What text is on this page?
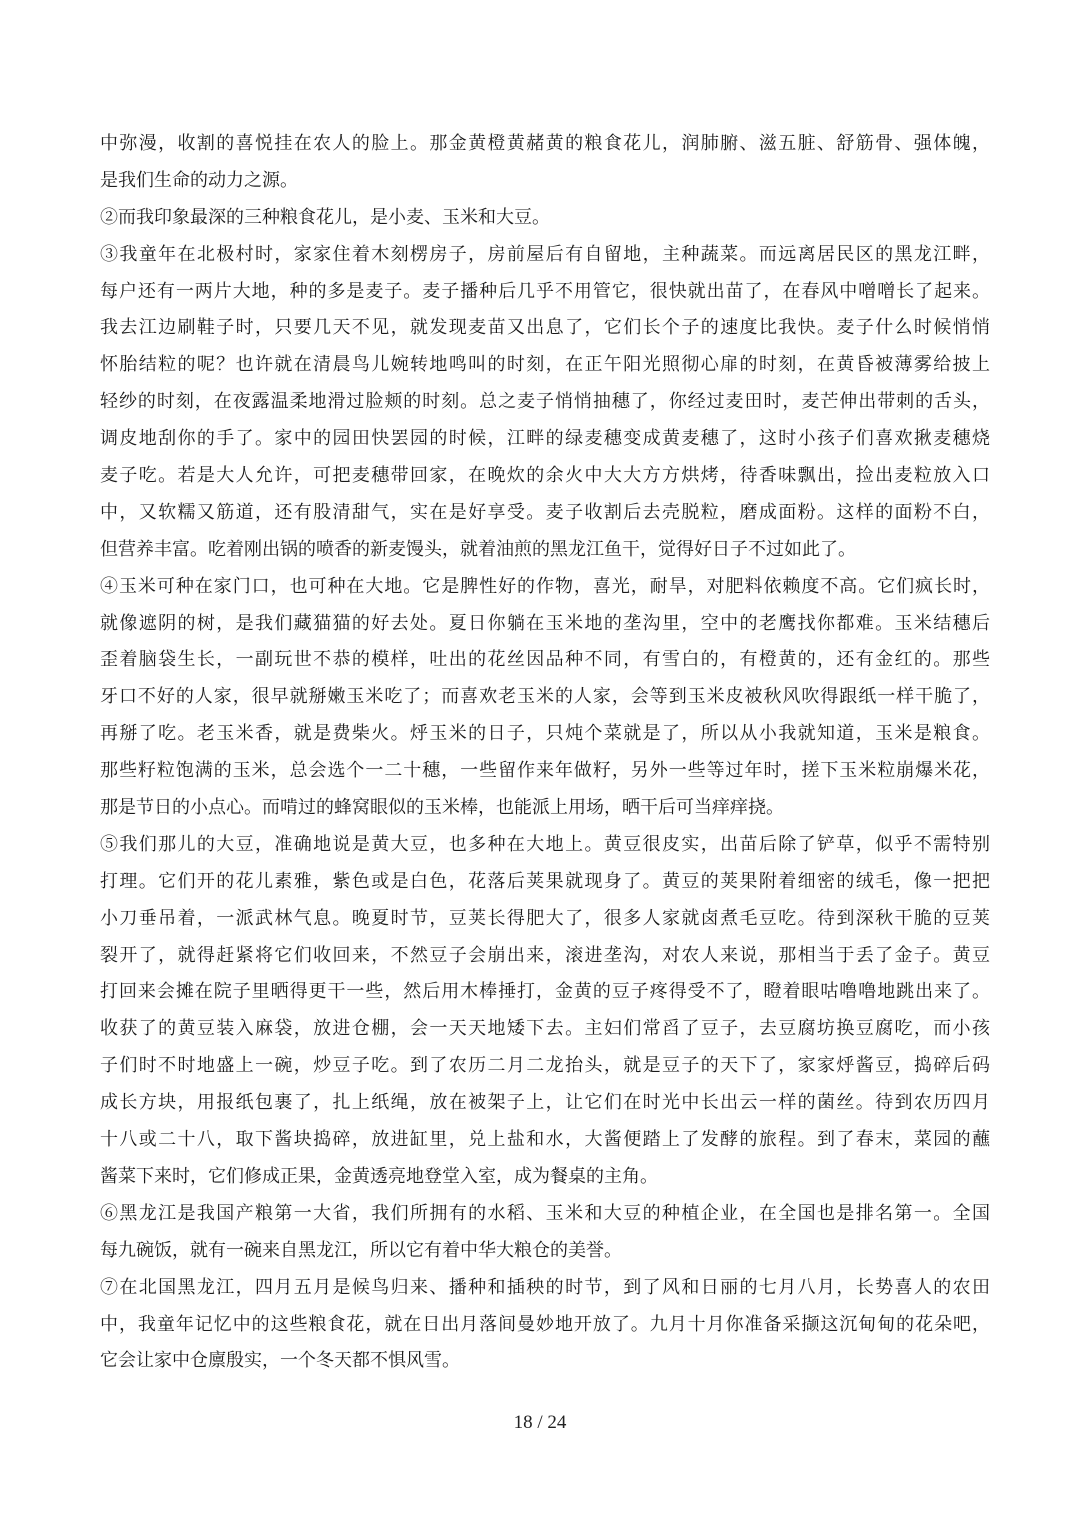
中弥漫，收割的喜悦挂在农人的脸上。那金黄橙黄赭黄的粮食花儿，润肺腑、滋五脏、舒筋骨、强体魄，
是我们生命的动力之源。
②而我印象最深的三种粮食花儿，是小麦、玉米和大豆。
③我童年在北极村时，家家住着木刻楞房子，房前屋后有自留地，主种蔬菜。而远离居民区的黑龙江畔，
每户还有一两片大地，种的多是麦子。麦子播种后几乎不用管它，很快就出苗了，在春风中噌噌长了起来。
我去江边刷鞋子时，只要几天不见，就发现麦苗又出息了，它们长个子的速度比我快。麦子什么时候悄悄
怀胎结粒的呢？也许就在清晨鸟儿婉转地鸣叫的时刻，在正午阳光照彻心扉的时刻，在黄昏被薄雾给披上
轻纱的时刻，在夜露温柔地滑过脸颊的时刻。总之麦子悄悄抽穗了，你经过麦田时，麦芒伸出带刺的舌头，
调皮地刮你的手了。家中的园田快罢园的时候，江畔的绿麦穗变成黄麦穗了，这时小孩子们喜欢揪麦穗烧
麦子吃。若是大人允许，可把麦穗带回家，在晚炊的余火中大大方方烘烤，待香味飘出，捡出麦粒放入口
中，又软糯又筋道，还有股清甜气，实在是好享受。麦子收割后去壳脱粒，磨成面粉。这样的面粉不白，
但营养丰富。吃着刚出锅的喷香的新麦馒头，就着油煎的黑龙江鱼干，觉得好日子不过如此了。
④玉米可种在家门口，也可种在大地。它是脾性好的作物，喜光，耐旱，对肥料依赖度不高。它们疯长时，
就像遮阴的树，是我们藏猫猫的好去处。夏日你躺在玉米地的垄沟里，空中的老鹰找你都难。玉米结穗后
歪着脑袋生长，一副玩世不恭的模样，吐出的花丝因品种不同，有雪白的，有橙黄的，还有金红的。那些
牙口不好的人家，很早就掰嫩玉米吃了；而喜欢老玉米的人家，会等到玉米皮被秋风吹得跟纸一样干脆了，
再掰了吃。老玉米香，就是费柴火。烀玉米的日子，只炖个菜就是了，所以从小我就知道，玉米是粮食。
那些籽粒饱满的玉米，总会选个一二十穗，一些留作来年做籽，另外一些等过年时，搓下玉米粒崩爆米花，
那是节日的小点心。而啃过的蜂窝眼似的玉米棒，也能派上用场，晒干后可当痒痒挠。
⑤我们那儿的大豆，准确地说是黄大豆，也多种在大地上。黄豆很皮实，出苗后除了铲草，似乎不需特别
打理。它们开的花儿素雅，紫色或是白色，花落后荚果就现身了。黄豆的荚果附着细密的绒毛，像一把把
小刀垂吊着，一派武林气息。晚夏时节，豆荚长得肥大了，很多人家就卤煮毛豆吃。待到深秋干脆的豆荚
裂开了，就得赶紧将它们收回来，不然豆子会崩出来，滚进垄沟，对农人来说，那相当于丢了金子。黄豆
打回来会摊在院子里晒得更干一些，然后用木棒捶打，金黄的豆子疼得受不了，瞪着眼咕噜噜地跳出来了。
收获了的黄豆装入麻袋，放进仓棚，会一天天地矮下去。主妇们常舀了豆子，去豆腐坊换豆腐吃，而小孩
子们时不时地盛上一碗，炒豆子吃。到了农历二月二龙抬头，就是豆子的天下了，家家烀酱豆，捣碎后码
成长方块，用报纸包裹了，扎上纸绳，放在被架子上，让它们在时光中长出云一样的菌丝。待到农历四月
十八或二十八，取下酱块捣碎，放进缸里，兑上盐和水，大酱便踏上了发酵的旅程。到了春末，菜园的蘸
酱菜下来时，它们修成正果，金黄透亮地登堂入室，成为餐桌的主角。
⑥黑龙江是我国产粮第一大省，我们所拥有的水稻、玉米和大豆的种植企业，在全国也是排名第一。全国
每九碗饭，就有一碗来自黑龙江，所以它有着中华大粮仓的美誉。
⑦在北国黑龙江，四月五月是候鸟归来、播种和插秧的时节，到了风和日丽的七月八月，长势喜人的农田
中，我童年记忆中的这些粮食花，就在日出月落间曼妙地开放了。九月十月你准备采撷这沉甸甸的花朵吧，
它会让家中仓廪殷实，一个冬天都不惧风雪。
18 / 24
